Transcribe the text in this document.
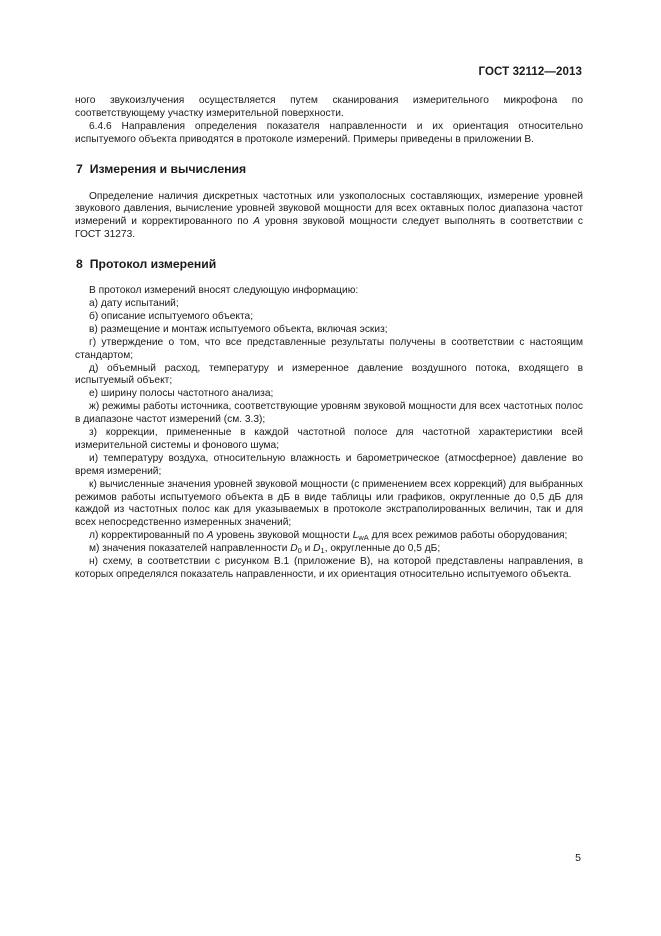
ГОСТ 32112—2013

ного звукоизлучения осуществляется путем сканирования измерительного микрофона по соответствующему участку измерительной поверхности.

6.4.6 Направления определения показателя направленности и их ориентация относительно испытуемого объекта приводятся в протоколе измерений. Примеры приведены в приложении В.

7 Измерения и вычисления

Определение наличия дискретных частотных или узкополосных составляющих, измерение уровней звукового давления, вычисление уровней звуковой мощности для всех октавных полос диапазона частот измерений и корректированного по А уровня звуковой мощности следует выполнять в соответствии с ГОСТ 31273.

8 Протокол измерений

В протокол измерений вносят следующую информацию:

а) дату испытаний;

б) описание испытуемого объекта;

в) размещение и монтаж испытуемого объекта, включая эскиз;

г) утверждение о том, что все представленные результаты получены в соответствии с настоящим стандартом;

д) объемный расход, температуру и измеренное давление воздушного потока, входящего в испытуемый объект;

е) ширину полосы частотного анализа;

ж) режимы работы источника, соответствующие уровням звуковой мощности для всех частотных полос в диапазоне частот измерений (см. 3.3);

з) коррекции, примененные в каждой частотной полосе для частотной характеристики всей измерительной системы и фонового шума;

и) температуру воздуха, относительную влажность и барометрическое (атмосферное) давление во время измерений;

к) вычисленные значения уровней звуковой мощности (с применением всех коррекций) для выбранных режимов работы испытуемого объекта в дБ в виде таблицы или графиков, округленные до 0,5 дБ для каждой из частотных полос как для указываемых в протоколе экстраполированных величин, так и для всех непосредственно измеренных значений;

л) корректированный по А уровень звуковой мощности $L_{wA}$ для всех режимов работы оборудования;

м) значения показателей направленности $D_0$ и $D_1$, округленные до 0,5 дБ;

н) схему, в соответствии с рисунком В.1 (приложение В), на которой представлены направления, в которых определялся показатель направленности, и их ориентация относительно испытуемого объекта.

5
